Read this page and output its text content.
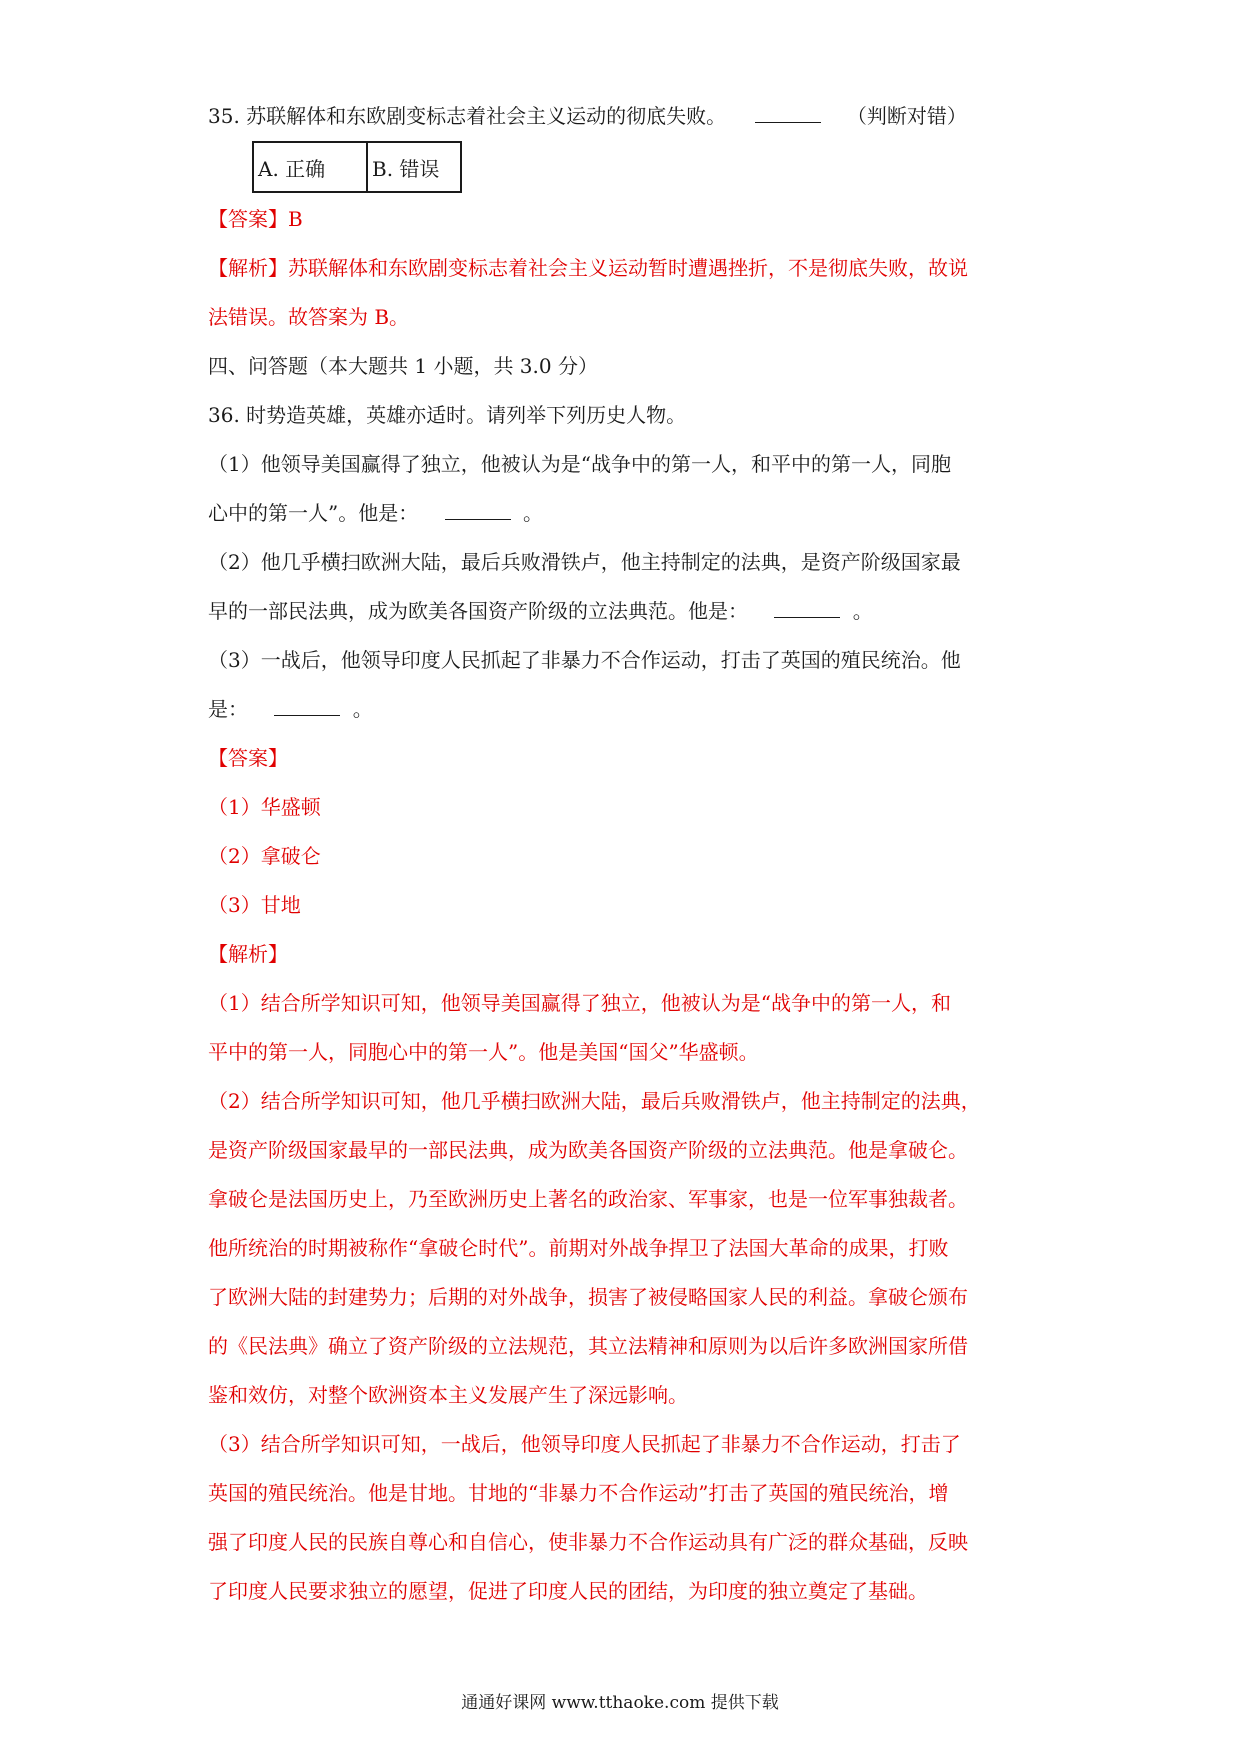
35. 苏联解体和东欧剧变标志着社会主义运动的彻底失败。	（判断对错）
A. 正确	B. 错误
【答案】B
【解析】苏联解体和东欧剧变标志着社会主义运动暂时遭遇挫折，不是彻底失败，故说
法错误。故答案为 B。
四、问答题（本大题共 1 小题，共 3.0 分）
36. 时势造英雄，英雄亦适时。请列举下列历史人物。
（1）他领导美国赢得了独立，他被认为是“战争中的第一人，和平中的第一人，同胞
心中的第一人”。他是：	。
（2）他几乎横扫欧洲大陆，最后兵败滑铁卢，他主持制定的法典，是资产阶级国家最
早的一部民法典，成为欧美各国资产阶级的立法典范。他是：	。
（3）一战后，他领导印度人民抓起了非暴力不合作运动，打击了英国的殖民统治。他
是：	。
【答案】
（1）华盛顿
（2）拿破仑
（3）甘地
【解析】
（1）结合所学知识可知，他领导美国赢得了独立，他被认为是“战争中的第一人，和
平中的第一人，同胞心中的第一人”。他是美国“国父”华盛顿。
（2）结合所学知识可知，他几乎横扫欧洲大陆，最后兵败滑铁卢，他主持制定的法典，
是资产阶级国家最早的一部民法典，成为欧美各国资产阶级的立法典范。他是拿破仑。
拿破仑是法国历史上，乃至欧洲历史上著名的政治家、军事家，也是一位军事独裁者。
他所统治的时期被称作“拿破仑时代”。前期对外战争捍卫了法国大革命的成果，打败
了欧洲大陆的封建势力；后期的对外战争，损害了被侵略国家人民的利益。拿破仑颁布
的《民法典》确立了资产阶级的立法规范，其立法精神和原则为以后许多欧洲国家所借
鉴和效仿，对整个欧洲资本主义发展产生了深远影响。
（3）结合所学知识可知，一战后，他领导印度人民抓起了非暴力不合作运动，打击了
英国的殖民统治。他是甘地。甘地的“非暴力不合作运动”打击了英国的殖民统治，增
强了印度人民的民族自尊心和自信心，使非暴力不合作运动具有广泛的群众基础，反映
了印度人民要求独立的愿望，促进了印度人民的团结，为印度的独立奠定了基础。
通通好课网 www.tthaoke.com 提供下载
